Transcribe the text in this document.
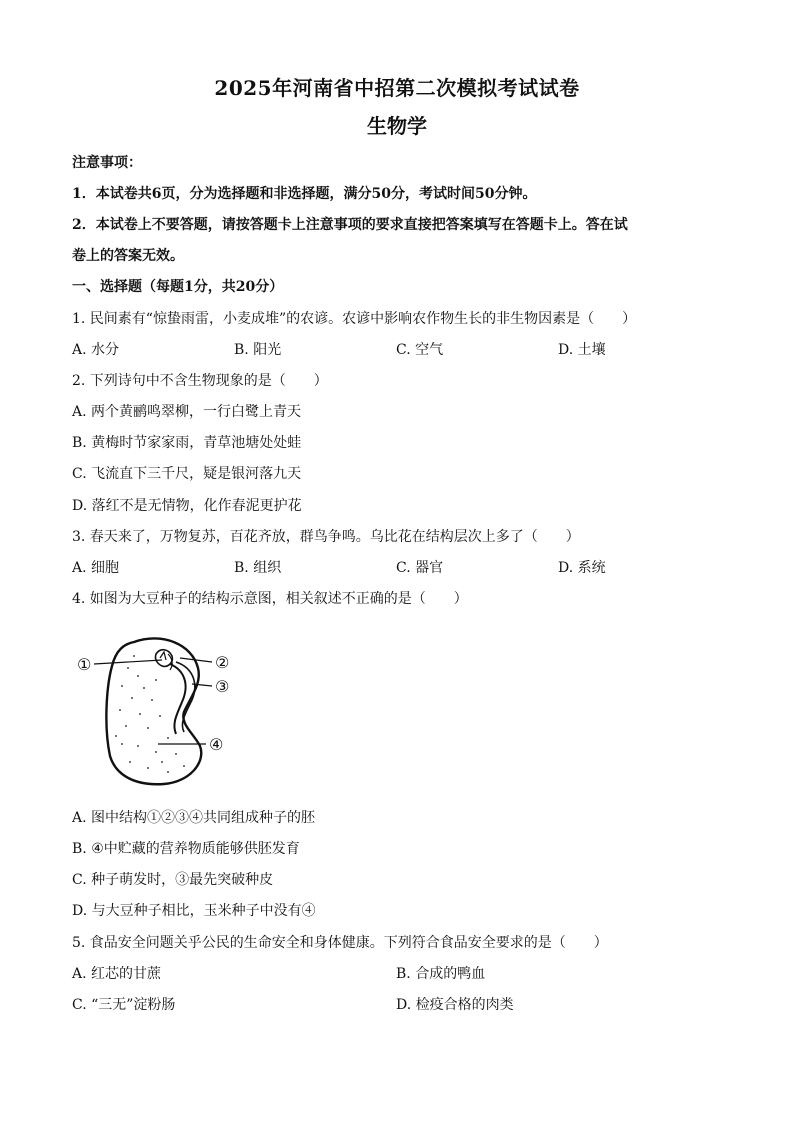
2025年河南省中招第二次模拟考试试卷
生物学
注意事项：
1．本试卷共6页，分为选择题和非选择题，满分50分，考试时间50分钟。
2．本试卷上不要答题，请按答题卡上注意事项的要求直接把答案填写在答题卡上。答在试
卷上的答案无效。
一、选择题（每题1分，共20分）
1. 民间素有“惊蛰雨雷，小麦成堆”的农谚。农谚中影响农作物生长的非生物因素是（　　）
A. 水分	B. 阳光	C. 空气	D. 土壤
2. 下列诗句中不含生物现象的是（　　）
A. 两个黄鹂鸣翠柳，一行白鹭上青天
B. 黄梅时节家家雨，青草池塘处处蛙
C. 飞流直下三千尺，疑是银河落九天
D. 落红不是无情物，化作春泥更护花
3. 春天来了，万物复苏，百花齐放，群鸟争鸣。乌比花在结构层次上多了（　　）
A. 细胞	B. 组织	C. 器官	D. 系统
4. 如图为大豆种子的结构示意图，相关叙述不正确的是（　　）
①	②
③
④
A. 图中结构①②③④共同组成种子的胚
B. ④中贮藏的营养物质能够供胚发育
C. 种子萌发时，③最先突破种皮
D. 与大豆种子相比，玉米种子中没有④
5. 食品安全问题关乎公民的生命安全和身体健康。下列符合食品安全要求的是（　　）
A. 红芯的甘蔗	B. 合成的鸭血
C. “三无”淀粉肠	D. 检疫合格的肉类
